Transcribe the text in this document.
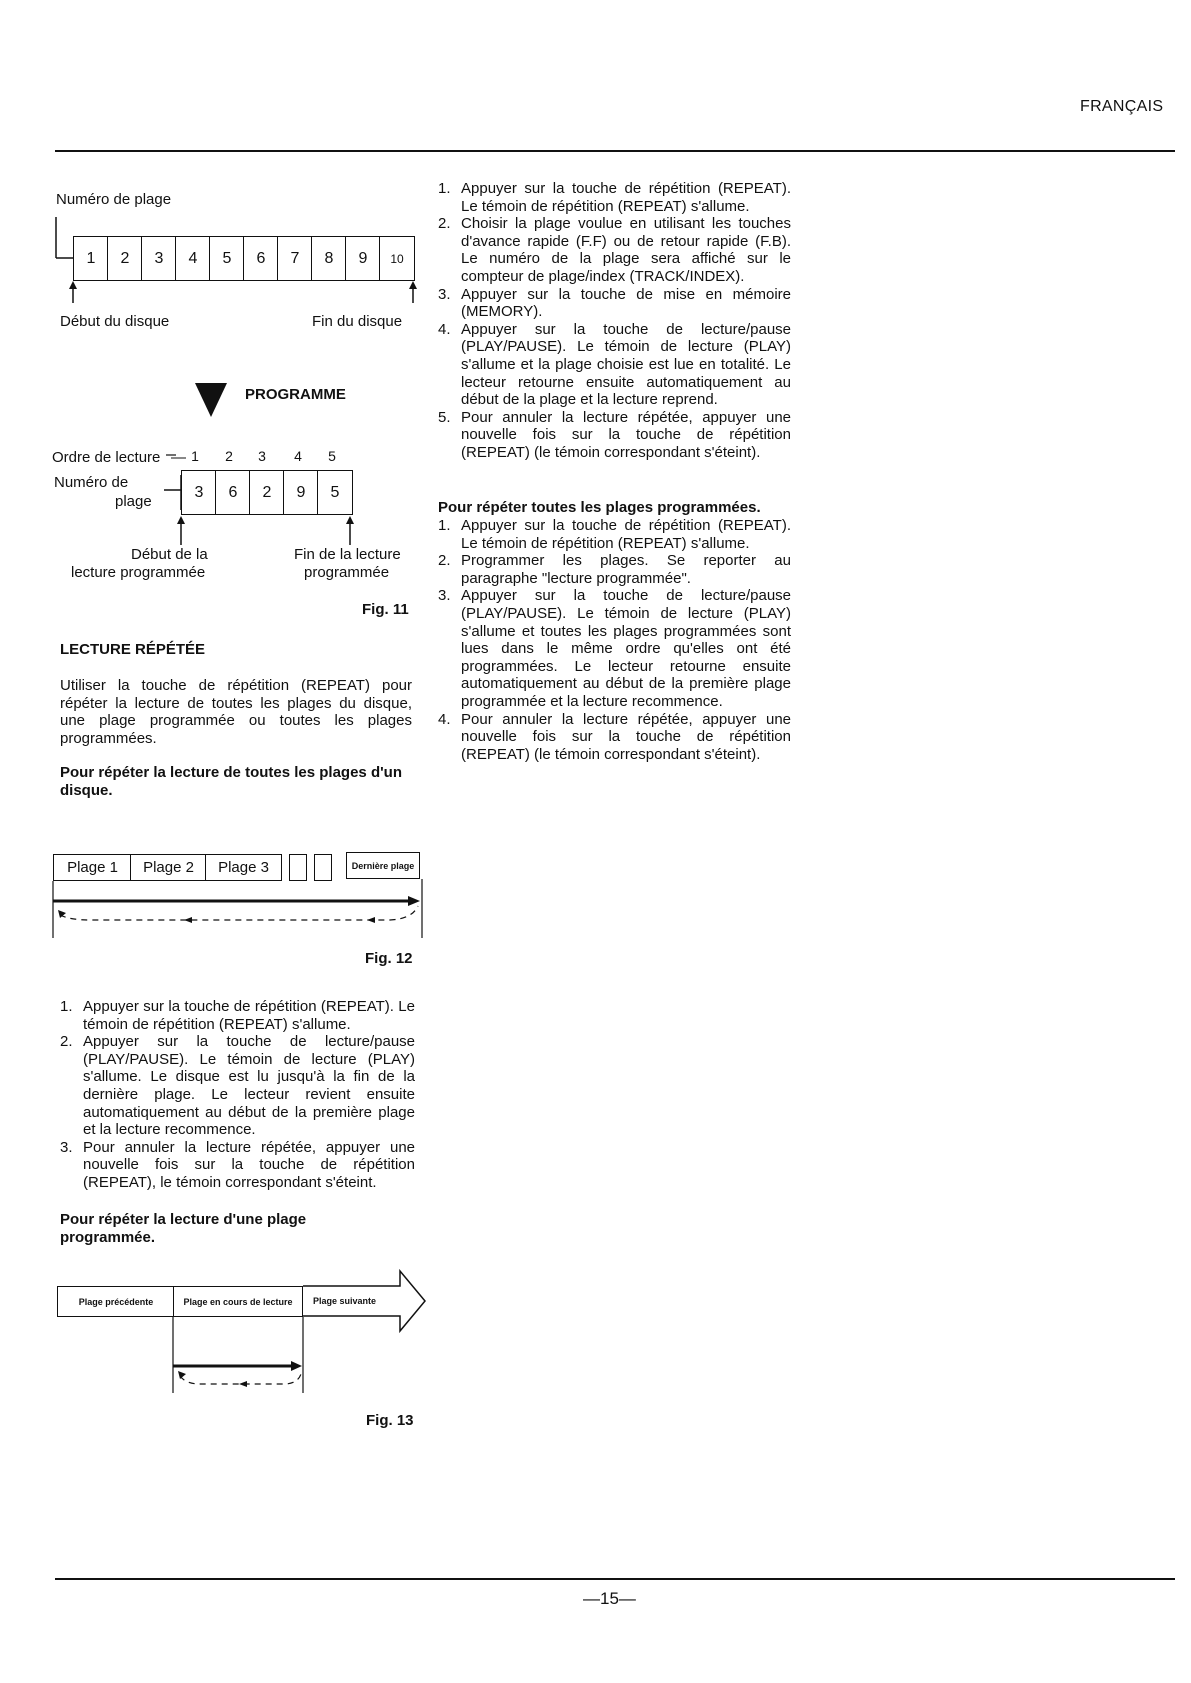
FRANÇAIS
Numéro de plage
1 2 3 4 5 6 7 8 9 10
Début du disque	Fin du disque
PROGRAMME
Ordre de lecture — 1 2 3 4 5
Numéro de
plage
3 6 2 9 5
Début de la
lecture programmée
Fin de la lecture
programmée
Fig. 11
LECTURE RÉPÉTÉE
Utiliser la touche de répétition (REPEAT) pour répéter la lecture de toutes les plages du disque, une plage programmée ou toutes les plages programmées.
Pour répéter la lecture de toutes les plages d'un disque.
Plage 1 Plage 2 Plage 3	Dernière plage
Fig. 12
1. Appuyer sur la touche de répétition (REPEAT). Le témoin de répétition (REPEAT) s'allume.
2. Appuyer sur la touche de lecture/pause (PLAY/PAUSE). Le témoin de lecture (PLAY) s'allume. Le disque est lu jusqu'à la fin de la dernière plage. Le lecteur revient ensuite automatiquement au début de la première plage et la lecture recommence.
3. Pour annuler la lecture répétée, appuyer une nouvelle fois sur la touche de répétition (REPEAT), le témoin correspondant s'éteint.
Pour répéter la lecture d'une plage programmée.
Plage précédente	Plage en cours de lecture	Plage suivante
Fig. 13
1. Appuyer sur la touche de répétition (REPEAT). Le témoin de répétition (REPEAT) s'allume.
2. Choisir la plage voulue en utilisant les touches d'avance rapide (F.F) ou de retour rapide (F.B). Le numéro de la plage sera affiché sur le compteur de plage/index (TRACK/INDEX).
3. Appuyer sur la touche de mise en mémoire (MEMORY).
4. Appuyer sur la touche de lecture/pause (PLAY/PAUSE). Le témoin de lecture (PLAY) s'allume et la plage choisie est lue en totalité. Le lecteur retourne ensuite automatiquement au début de la plage et la lecture reprend.
5. Pour annuler la lecture répétée, appuyer une nouvelle fois sur la touche de répétition (REPEAT) (le témoin correspondant s'éteint).
Pour répéter toutes les plages programmées.
1. Appuyer sur la touche de répétition (REPEAT). Le témoin de répétition (REPEAT) s'allume.
2. Programmer les plages. Se reporter au paragraphe "lecture programmée".
3. Appuyer sur la touche de lecture/pause (PLAY/PAUSE). Le témoin de lecture (PLAY) s'allume et toutes les plages programmées sont lues dans le même ordre qu'elles ont été programmées. Le lecteur retourne ensuite automatiquement au début de la première plage programmée et la lecture recommence.
4. Pour annuler la lecture répétée, appuyer une nouvelle fois sur la touche de répétition (REPEAT) (le témoin correspondant s'éteint).
—15—
